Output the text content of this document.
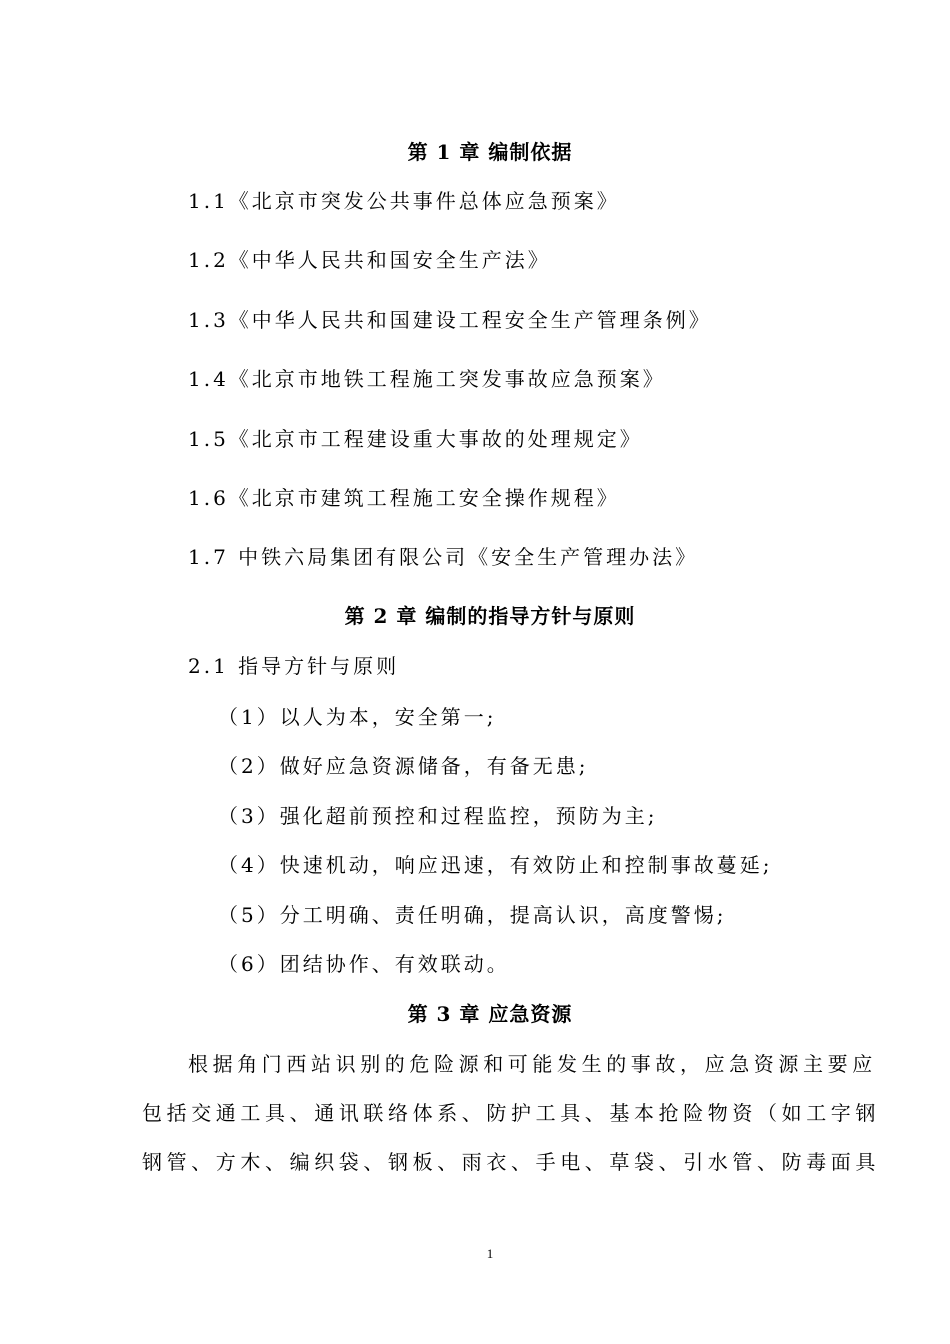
第 1 章 编制依据
1.1《北京市突发公共事件总体应急预案》
1.2《中华人民共和国安全生产法》
1.3《中华人民共和国建设工程安全生产管理条例》
1.4《北京市地铁工程施工突发事故应急预案》
1.5《北京市工程建设重大事故的处理规定》
1.6《北京市建筑工程施工安全操作规程》
1.7 中铁六局集团有限公司《安全生产管理办法》
第 2 章 编制的指导方针与原则
2.1 指导方针与原则
（1）以人为本，安全第一;
（2）做好应急资源储备，有备无患;
（3）强化超前预控和过程监控，预防为主;
（4）快速机动，响应迅速，有效防止和控制事故蔓延;
（5）分工明确、责任明确，提高认识，高度警惕;
（6）团结协作、有效联动。
第 3 章 应急资源
根据角门西站识别的危险源和可能发生的事故，应急资源主要应
包括交通工具、通讯联络体系、防护工具、基本抢险物资（如工字钢
钢管、方木、编织袋、钢板、雨衣、手电、草袋、引水管、防毒面具
1
